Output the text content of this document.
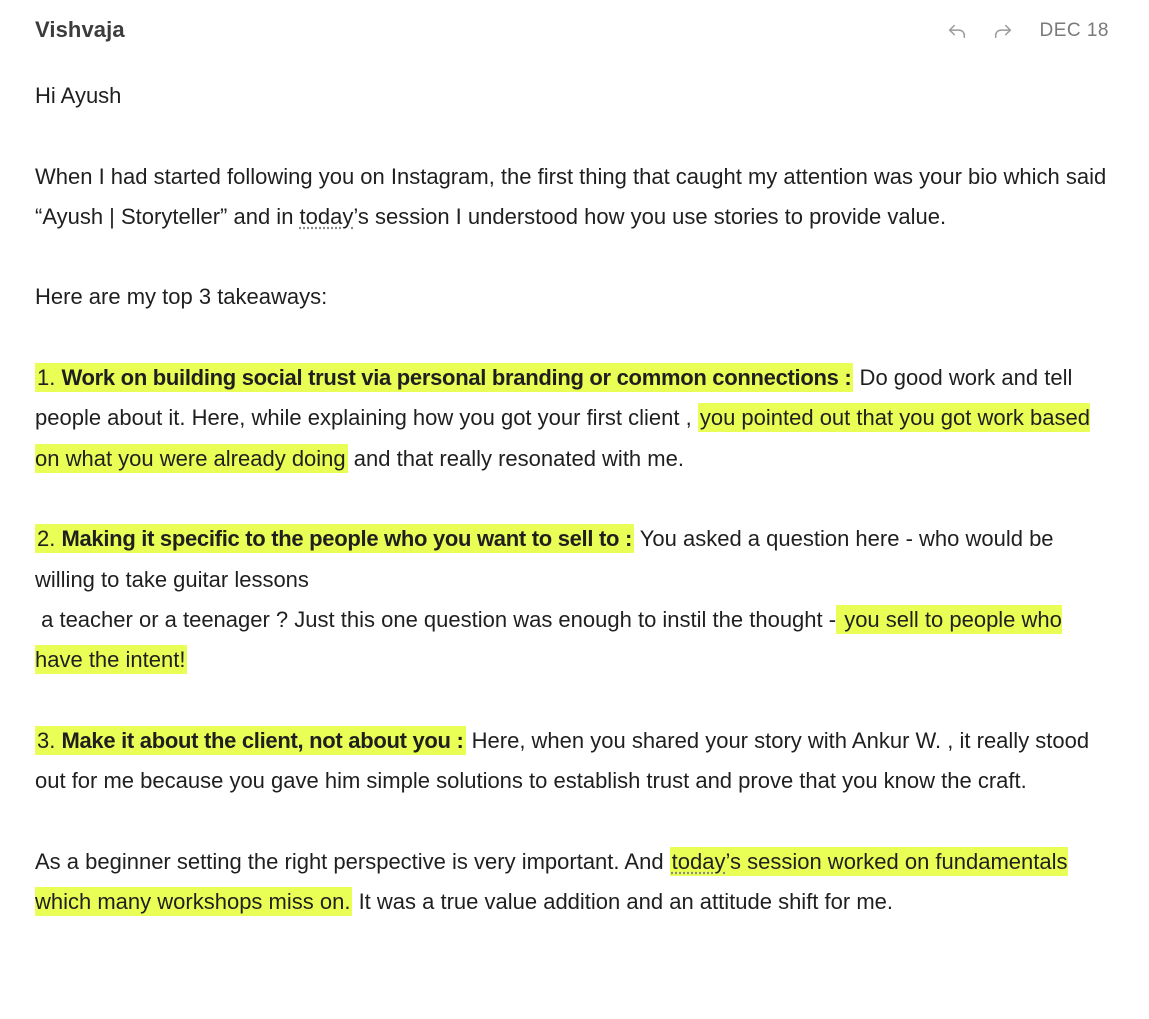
Vishvaja	DEC 18

Hi Ayush

When I had started following you on Instagram, the first thing that caught my attention was your bio which said “Ayush | Storyteller” and in today’s session I understood how you use stories to provide value.

Here are my top 3 takeaways:

1. Work on building social trust via personal branding or common connections : Do good work and tell people about it. Here, while explaining how you got your first client , you pointed out that you got work based on what you were already doing and that really resonated with me.

2. Making it specific to the people who you want to sell to : You asked a question here - who would be willing to take guitar lessons
a teacher or a teenager ? Just this one question was enough to instil the thought - you sell to people who have the intent!

3. Make it about the client, not about you : Here, when you shared your story with Ankur W. , it really stood out for me because you gave him simple solutions to establish trust and prove that you know the craft.

As a beginner setting the right perspective is very important. And today’s session worked on fundamentals which many workshops miss on. It was a true value addition and an attitude shift for me.
